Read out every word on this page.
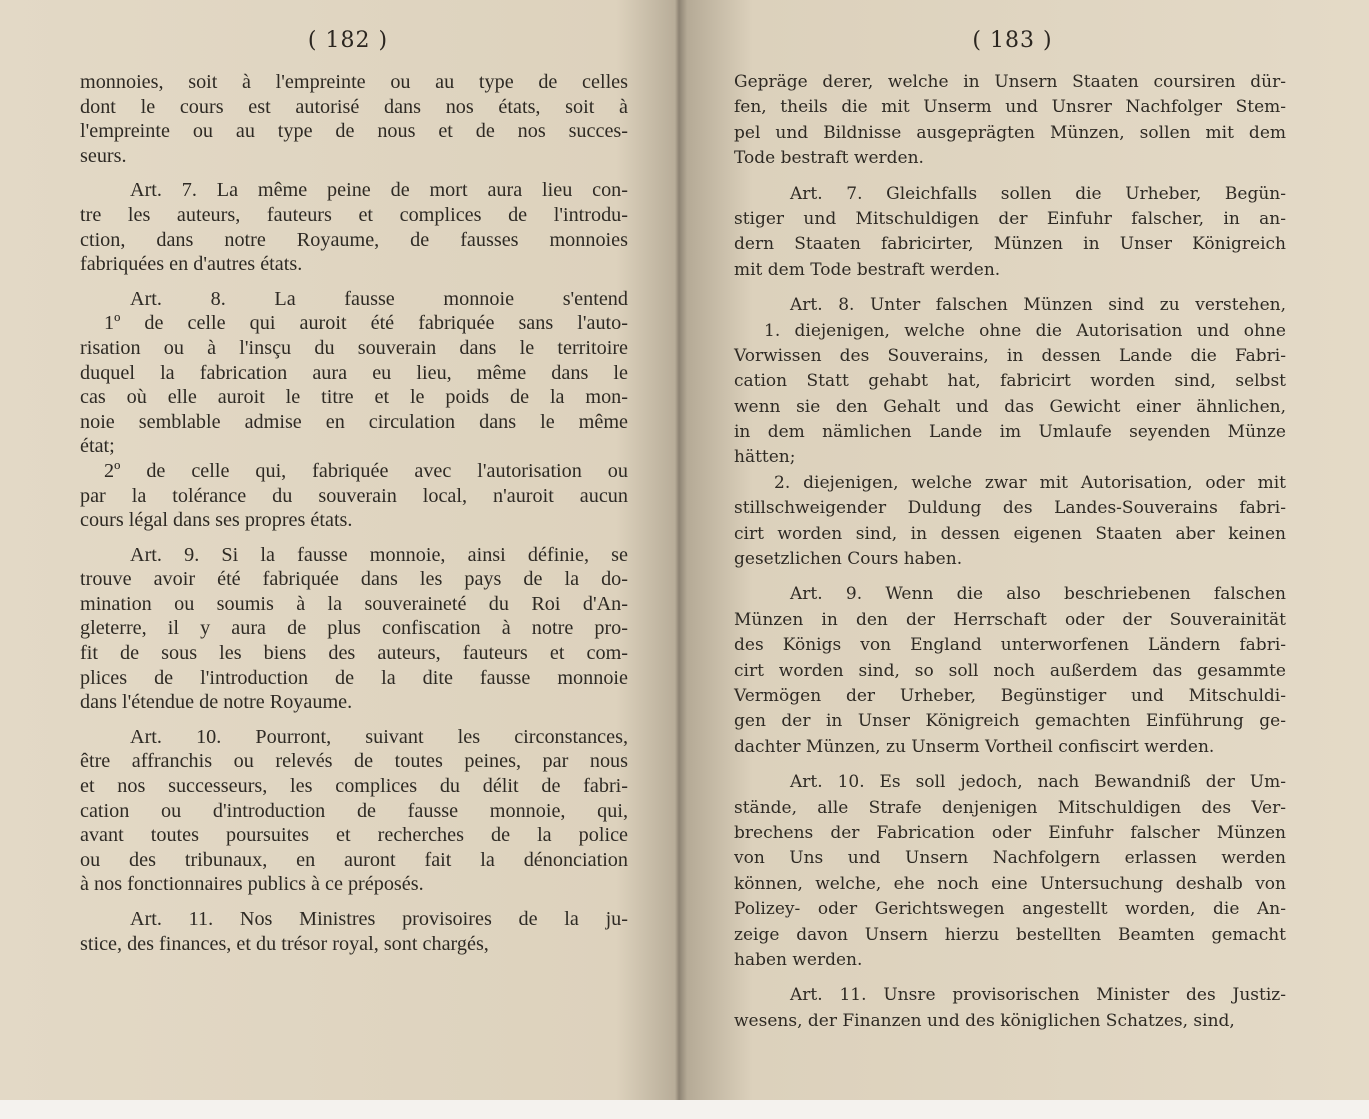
( 182 )
monnoies, soit à l'empreinte ou au type de celles
dont le cours est autorisé dans nos états, soit à
l'empreinte ou au type de nous et de nos succes-
seurs.
Art. 7. La même peine de mort aura lieu con-
tre les auteurs, fauteurs et complices de l'introdu-
ction, dans notre Royaume, de fausses monnoies
fabriquées en d'autres états.
Art. 8. La fausse monnoie s'entend
1º de celle qui auroit été fabriquée sans l'auto-
risation ou à l'insçu du souverain dans le territoire
duquel la fabrication aura eu lieu, même dans le
cas où elle auroit le titre et le poids de la mon-
noie semblable admise en circulation dans le même
état;
2º de celle qui, fabriquée avec l'autorisation ou
par la tolérance du souverain local, n'auroit aucun
cours légal dans ses propres états.
Art. 9. Si la fausse monnoie, ainsi définie, se
trouve avoir été fabriquée dans les pays de la do-
mination ou soumis à la souveraineté du Roi d'An-
gleterre, il y aura de plus confiscation à notre pro-
fit de sous les biens des auteurs, fauteurs et com-
plices de l'introduction de la dite fausse monnoie
dans l'étendue de notre Royaume.
Art. 10. Pourront, suivant les circonstances,
être affranchis ou relevés de toutes peines, par nous
et nos successeurs, les complices du délit de fabri-
cation ou d'introduction de fausse monnoie, qui,
avant toutes poursuites et recherches de la police
ou des tribunaux, en auront fait la dénonciation
à nos fonctionnaires publics à ce préposés.
Art. 11. Nos Ministres provisoires de la ju-
stice, des finances, et du trésor royal, sont chargés,
( 183 )
Gepräge derer, welche in Unsern Staaten coursiren dür-
fen, theils die mit Unserm und Unsrer Nachfolger Stem-
pel und Bildnisse ausgeprägten Münzen, sollen mit dem
Tode bestraft werden.
Art. 7. Gleichfalls sollen die Urheber, Begün-
stiger und Mitschuldigen der Einfuhr falscher, in an-
dern Staaten fabricirter, Münzen in Unser Königreich
mit dem Tode bestraft werden.
Art. 8. Unter falschen Münzen sind zu verstehen,
1. diejenigen, welche ohne die Autorisation und ohne
Vorwissen des Souverains, in dessen Lande die Fabri-
cation Statt gehabt hat, fabricirt worden sind, selbst
wenn sie den Gehalt und das Gewicht einer ähnlichen,
in dem nämlichen Lande im Umlaufe seyenden Münze
hätten;
2. diejenigen, welche zwar mit Autorisation, oder mit
stillschweigender Duldung des Landes-Souverains fabri-
cirt worden sind, in dessen eigenen Staaten aber keinen
gesetzlichen Cours haben.
Art. 9. Wenn die also beschriebenen falschen
Münzen in den der Herrschaft oder der Souverainität
des Königs von England unterworfenen Ländern fabri-
cirt worden sind, so soll noch außerdem das gesammte
Vermögen der Urheber, Begünstiger und Mitschuldi-
gen der in Unser Königreich gemachten Einführung ge-
dachter Münzen, zu Unserm Vortheil confiscirt werden.
Art. 10. Es soll jedoch, nach Bewandniß der Um-
stände, alle Strafe denjenigen Mitschuldigen des Ver-
brechens der Fabrication oder Einfuhr falscher Münzen
von Uns und Unsern Nachfolgern erlassen werden
können, welche, ehe noch eine Untersuchung deshalb von
Polizey- oder Gerichtswegen angestellt worden, die An-
zeige davon Unsern hierzu bestellten Beamten gemacht
haben werden.
Art. 11. Unsre provisorischen Minister des Justiz-
wesens, der Finanzen und des königlichen Schatzes, sind,
